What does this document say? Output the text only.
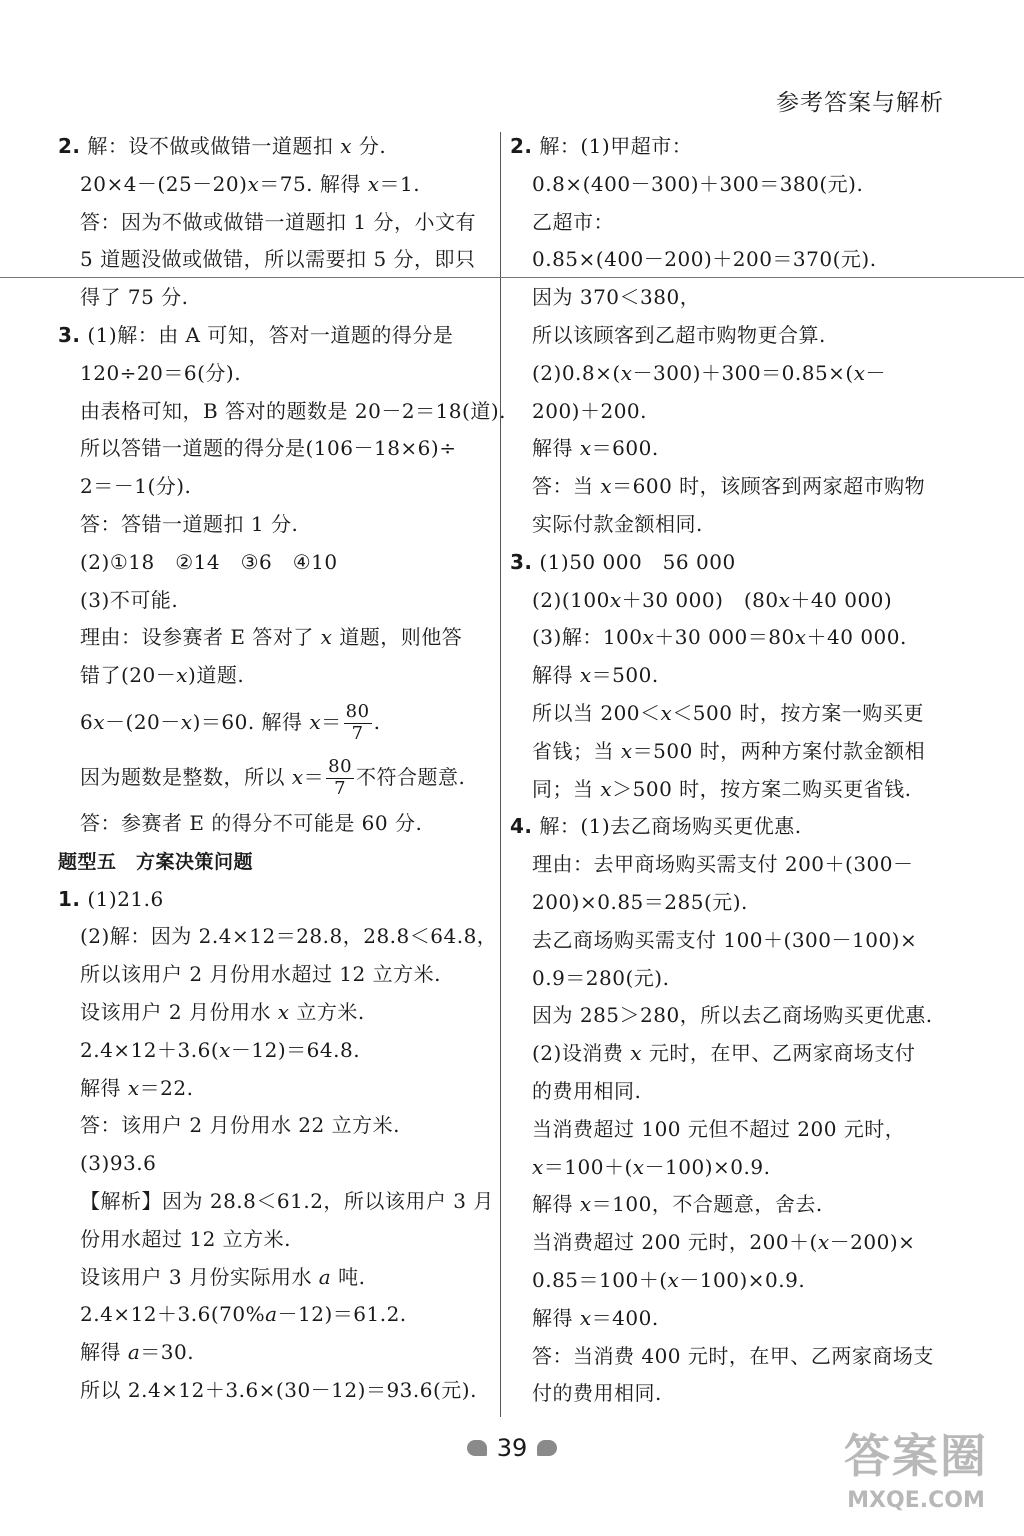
参考答案与解析
2. 解：设不做或做错一道题扣 x 分.
20×4－(25－20)x＝75. 解得 x＝1.
答：因为不做或做错一道题扣 1 分，小文有
5 道题没做或做错，所以需要扣 5 分，即只
得了 75 分.
3. (1)解：由 A 可知，答对一道题的得分是
120÷20＝6(分).
由表格可知，B 答对的题数是 20－2＝18(道).
所以答错一道题的得分是(106－18×6)÷
2＝－1(分).
答：答错一道题扣 1 分.
(2)①18　②14　③6　④10
(3)不可能.
理由：设参赛者 E 答对了 x 道题，则他答
错了(20－x)道题.
6x－(20－x)＝60. 解得 $x= \frac{80}{7}$ .
因为题数是整数，所以 $x= \frac{80}{7}$ 不符合题意.
答：参赛者 E 的得分不可能是 60 分.
题型五　方案决策问题
1. (1)21.6
(2)解：因为 2.4×12＝28.8，28.8＜64.8，
所以该用户 2 月份用水超过 12 立方米.
设该用户 2 月份用水 x 立方米.
2.4×12＋3.6(x－12)＝64.8.
解得 x＝22.
答：该用户 2 月份用水 22 立方米.
(3)93.6
【解析】因为 28.8＜61.2，所以该用户 3 月
份用水超过 12 立方米.
设该用户 3 月份实际用水 a 吨.
2.4×12＋3.6(70%a－12)＝61.2.
解得 a＝30.
所以 2.4×12＋3.6×(30－12)＝93.6(元).
2. 解：(1)甲超市：
0.8×(400－300)＋300＝380(元).
乙超市：
0.85×(400－200)＋200＝370(元).
因为 370＜380，
所以该顾客到乙超市购物更合算.
(2)0.8×(x－300)＋300＝0.85×(x－
200)＋200.
解得 x＝600.
答：当 x＝600 时，该顾客到两家超市购物
实际付款金额相同.
3. (1)50 000　56 000
(2)(100x＋30 000)　(80x＋40 000)
(3)解：100x＋30 000＝80x＋40 000.
解得 x＝500.
所以当 200＜x＜500 时，按方案一购买更
省钱；当 x＝500 时，两种方案付款金额相
同；当 x＞500 时，按方案二购买更省钱.
4. 解：(1)去乙商场购买更优惠.
理由：去甲商场购买需支付 200＋(300－
200)×0.85＝285(元).
去乙商场购买需支付 100＋(300－100)×
0.9＝280(元).
因为 285＞280，所以去乙商场购买更优惠.
(2)设消费 x 元时，在甲、乙两家商场支付
的费用相同.
当消费超过 100 元但不超过 200 元时，
x＝100＋(x－100)×0.9.
解得 x＝100，不合题意，舍去.
当消费超过 200 元时，200＋(x－200)×
0.85＝100＋(x－100)×0.9.
解得 x＝400.
答：当消费 400 元时，在甲、乙两家商场支
付的费用相同.
39	答案圈
MXQE.COM
